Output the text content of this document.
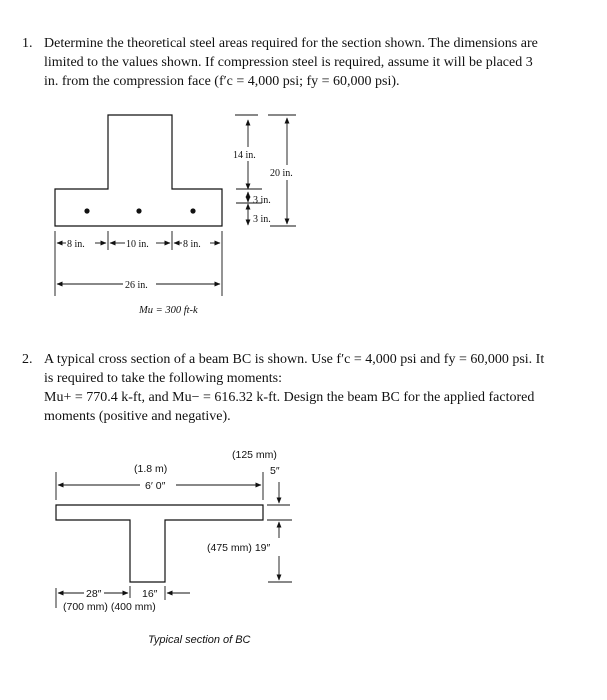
1. Determine the theoretical steel areas required for the section shown. The dimensions are
limited to the values shown. If compression steel is required, assume it will be placed 3
in. from the compression face (f′c = 4,000 psi; fy = 60,000 psi).
14 in.
20 in.
3 in.
3 in.
8 in.	10 in.	8 in.
26 in.
Mu = 300 ft-k
2. A typical cross section of a beam BC is shown. Use f′c = 4,000 psi and fy = 60,000 psi. It
is required to take the following moments:
Mu+ = 770.4 k-ft, and Mu− = 616.32 k-ft. Design the beam BC for the applied factored
moments (positive and negative).
(1.8 m)
6′ 0″
(125 mm)
5″
(475 mm) 19″
28″	16″
(700 mm) (400 mm)
Typical section of BC
